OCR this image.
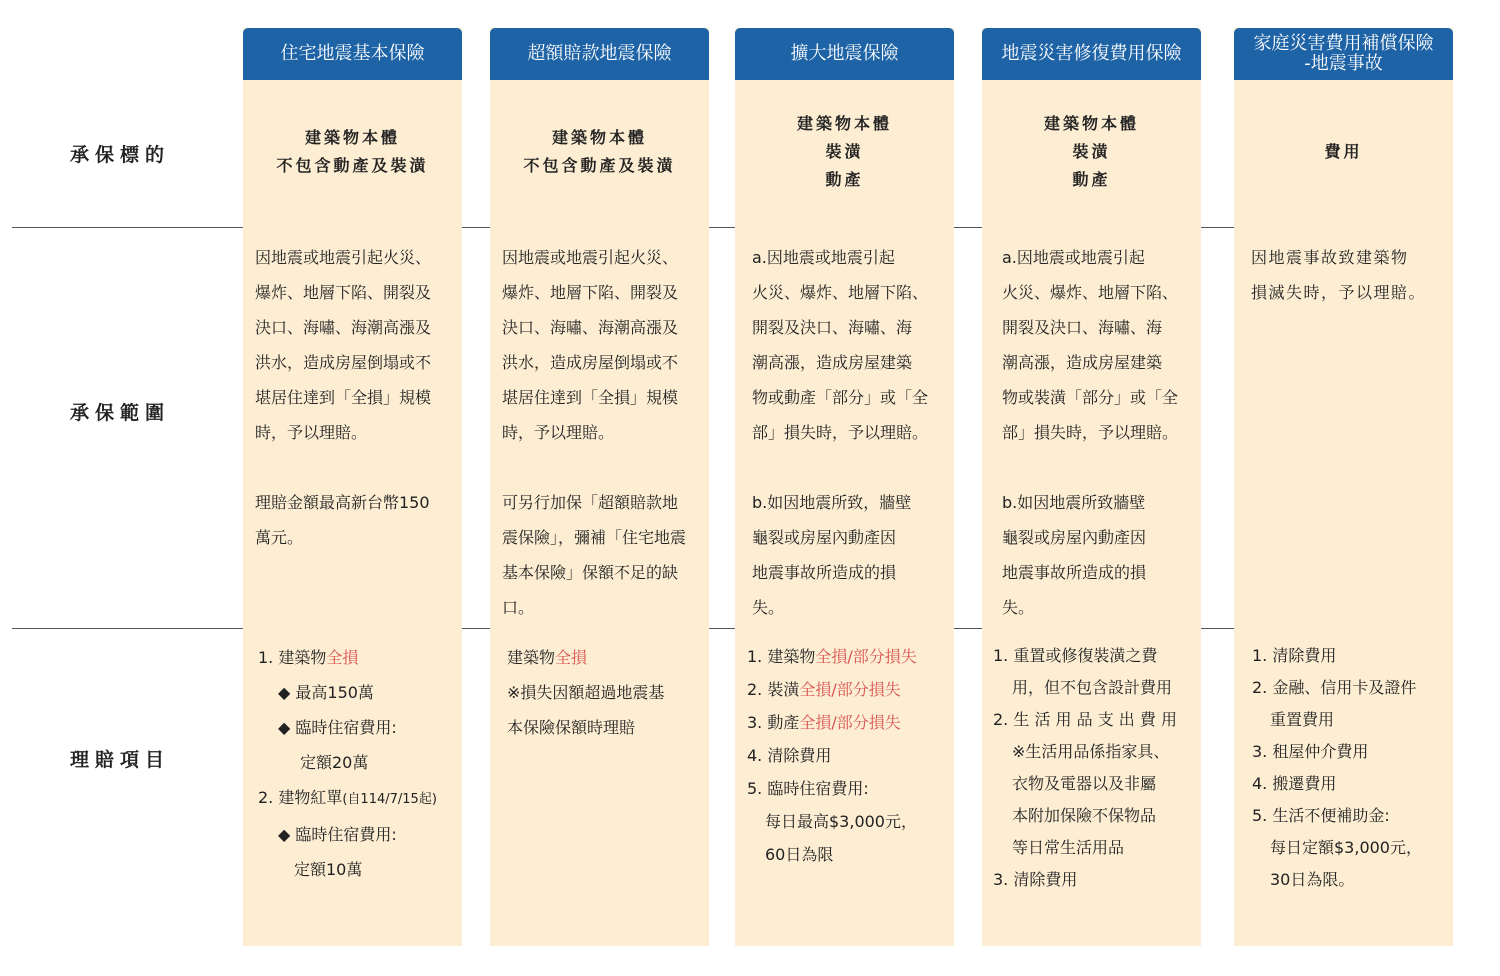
承保標的
承保範圍
理賠項目
住宅地震基本保險
建築物本體
不包含動產及裝潢
因地震或地震引起火災、
爆炸、地層下陷、開裂及
決口、海嘯、海潮高漲及
洪水，造成房屋倒塌或不
堪居住達到「全損」規模
時，予以理賠。
理賠金額最高新台幣150
萬元。
1. 建築物全損
◆ 最高150萬
◆ 臨時住宿費用:
定額20萬
2. 建物紅單(自114/7/15起)
◆ 臨時住宿費用:
定額10萬
超額賠款地震保險
建築物本體
不包含動產及裝潢
因地震或地震引起火災、
爆炸、地層下陷、開裂及
決口、海嘯、海潮高漲及
洪水，造成房屋倒塌或不
堪居住達到「全損」規模
時，予以理賠。
可另行加保「超額賠款地
震保險」，彌補「住宅地震
基本保險」保額不足的缺
口。
建築物全損
※損失因額超過地震基
本保險保額時理賠
擴大地震保險
建築物本體
裝潢
動產
a.因地震或地震引起
火災、爆炸、地層下陷、
開裂及決口、海嘯、海
潮高漲，造成房屋建築
物或動產「部分」或「全
部」損失時，予以理賠。
b.如因地震所致，牆壁
龜裂或房屋內動產因
地震事故所造成的損
失。
1. 建築物全損/部分損失
2. 裝潢全損/部分損失
3. 動產全損/部分損失
4. 清除費用
5. 臨時住宿費用:
每日最高$3,000元，
60日為限
地震災害修復費用保險
建築物本體
裝潢
動產
a.因地震或地震引起
火災、爆炸、地層下陷、
開裂及決口、海嘯、海
潮高漲，造成房屋建築
物或裝潢「部分」或「全
部」損失時，予以理賠。
b.如因地震所致牆壁
龜裂或房屋內動產因
地震事故所造成的損
失。
1. 重置或修復裝潢之費
用，但不包含設計費用
2. 生 活 用 品 支 出 費 用
※生活用品係指家具、
衣物及電器以及非屬
本附加保險不保物品
等日常生活用品
3. 清除費用
家庭災害費用補償保險
-地震事故
費用
因地震事故致建築物
損滅失時，予以理賠。
1. 清除費用
2. 金融、信用卡及證件
重置費用
3. 租屋仲介費用
4. 搬遷費用
5. 生活不便補助金:
每日定額$3,000元，
30日為限。
